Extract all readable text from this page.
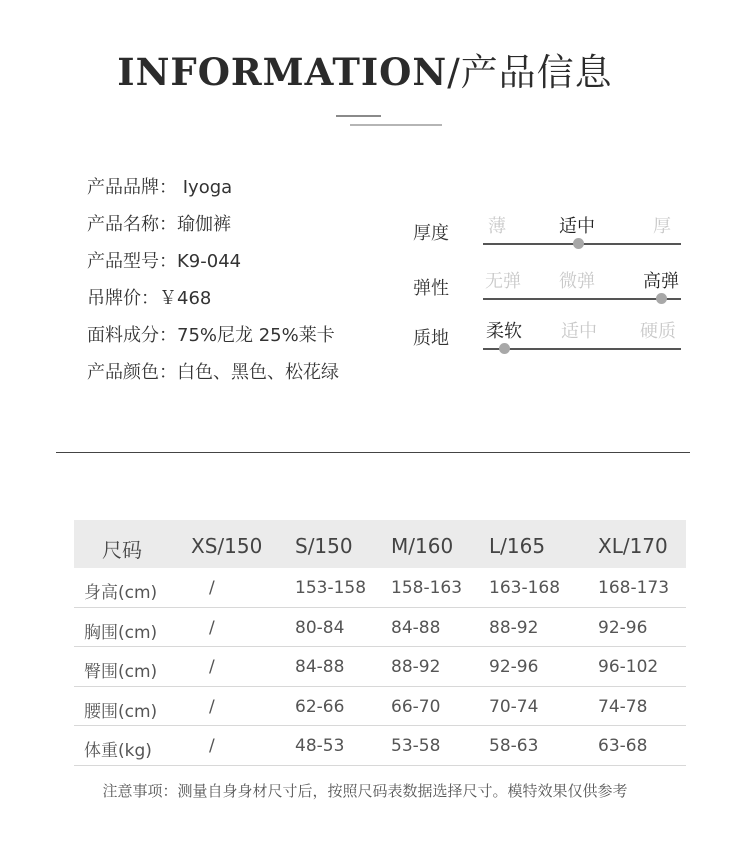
INFORMATION/产品信息
产品品牌： Iyoga
产品名称：瑜伽裤
产品型号：K9-044
吊牌价：￥468
面料成分：75%尼龙 25%莱卡
产品颜色：白色、黑色、松花绿
厚度 薄	适中	厚
弹性 无弹 微弹	高弹
质地 柔软 适中 硬质
尺码 XS/150 S/150 M/160 L/165	XL/170
身高(cm)	/	153-158 158-163 163-168 168-173
胸围(cm)	/	80-84	84-88	88-92	92-96
臀围(cm)	/	84-88	88-92	92-96	96-102
腰围(cm)	/	62-66	66-70	70-74	74-78
体重(kg)	/	48-53	53-58	58-63	63-68
注意事项：测量自身身材尺寸后，按照尺码表数据选择尺寸。模特效果仅供参考
